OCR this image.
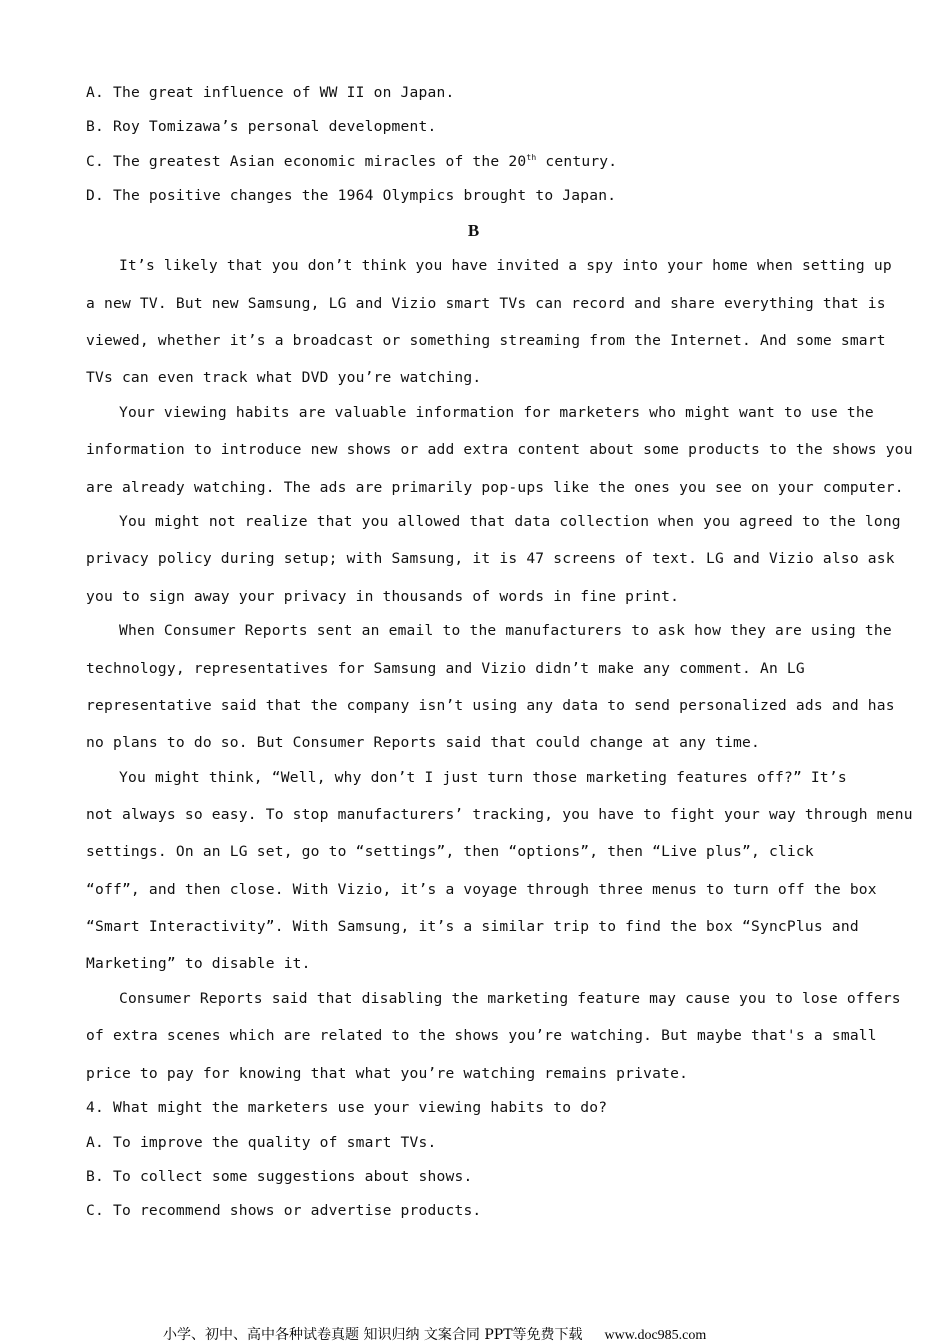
A. The great influence of WW II on Japan.
B. Roy Tomizawa’s personal development.
C. The greatest Asian economic miracles of the 20th century.
D. The positive changes the 1964 Olympics brought to Japan.
B
It’s likely that you don’t think you have invited a spy into your home when setting up
a new TV. But new Samsung, LG and Vizio smart TVs can record and share everything that is
viewed, whether it’s a broadcast or something streaming from the Internet. And some smart
TVs can even track what DVD you’re watching.
Your viewing habits are valuable information for marketers who might want to use the
information to introduce new shows or add extra content about some products to the shows you
are already watching. The ads are primarily pop-ups like the ones you see on your computer.
You might not realize that you allowed that data collection when you agreed to the long
privacy policy during setup; with Samsung, it is 47 screens of text. LG and Vizio also ask
you to sign away your privacy in thousands of words in fine print.
When Consumer Reports sent an email to the manufacturers to ask how they are using the
technology, representatives for Samsung and Vizio didn’t make any comment. An LG
representative said that the company isn’t using any data to send personalized ads and has
no plans to do so. But Consumer Reports said that could change at any time.
You might think, “Well, why don’t I just turn those marketing features off?” It’s
not always so easy. To stop manufacturers’ tracking, you have to fight your way through menu
settings. On an LG set, go to “settings”, then “options”, then “Live plus”, click
“off”, and then close. With Vizio, it’s a voyage through three menus to turn off the box
“Smart Interactivity”. With Samsung, it’s a similar trip to find the box “SyncPlus and
Marketing” to disable it.
Consumer Reports said that disabling the marketing feature may cause you to lose offers
of extra scenes which are related to the shows you’re watching. But maybe that's a small
price to pay for knowing that what you’re watching remains private.
4. What might the marketers use your viewing habits to do?
A. To improve the quality of smart TVs.
B. To collect some suggestions about shows.
C. To recommend shows or advertise products.
小学、初中、高中各种试卷真题 知识归纳 文案合同 PPT等免费下载 www.doc985.com
